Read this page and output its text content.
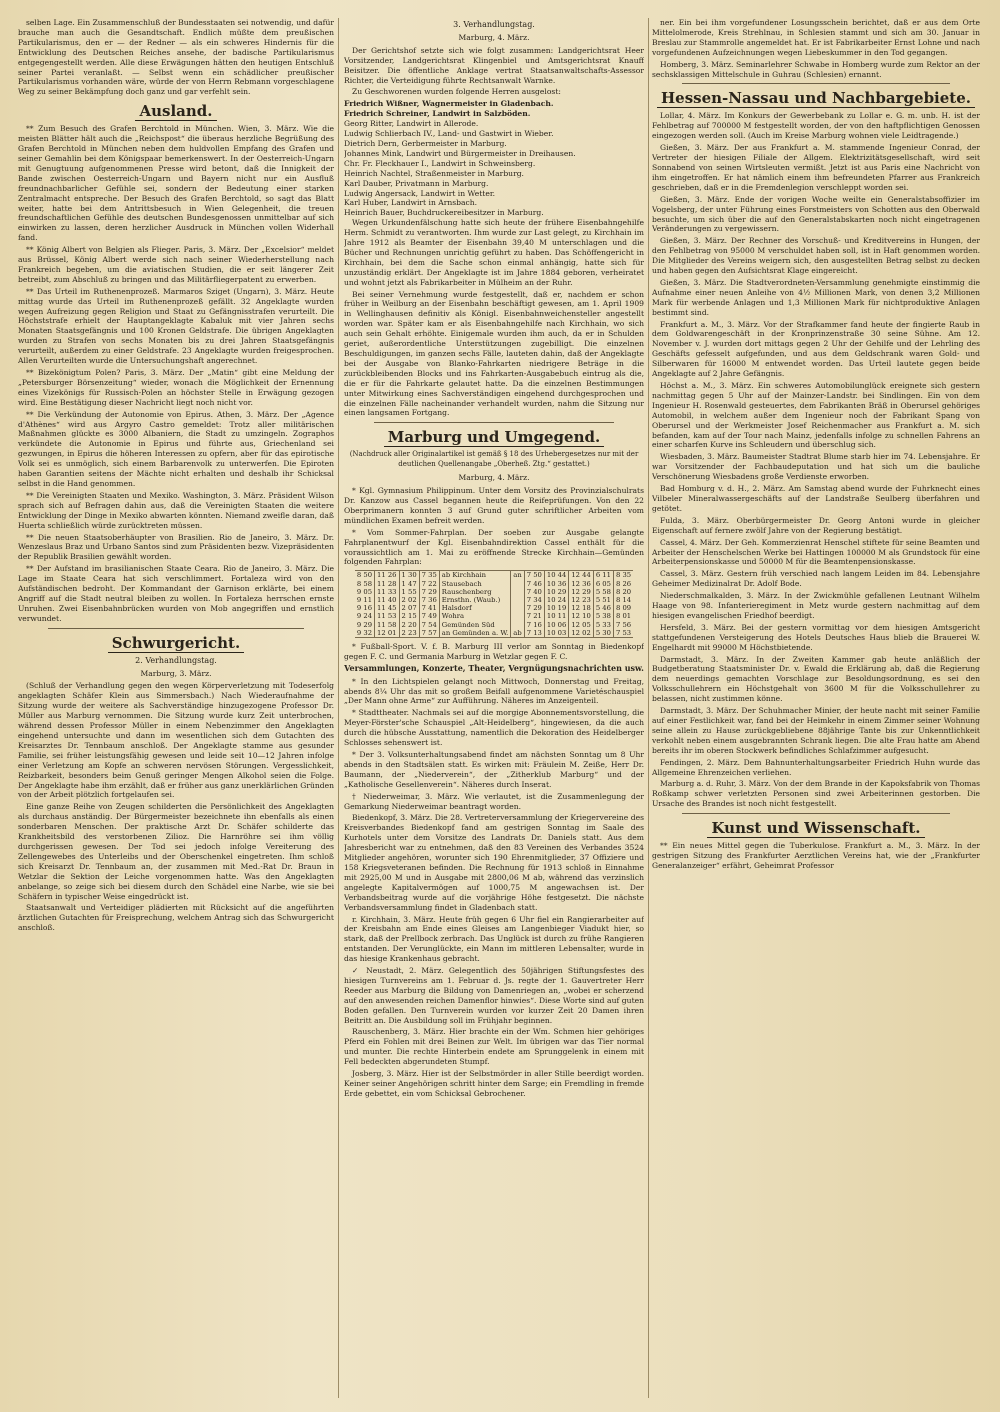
selben Lage. Ein Zusammenschluß der Bundesstaaten sei notwendig, und dafür brauche man auch die Gesandtschaft. Endlich müßte dem preußischen Partikularismus, den er — der Redner — als ein schweres Hindernis für die Entwicklung des Deutschen Reiches ansehe, der badische Partikularismus entgegengestellt werden. Alle diese Erwägungen hätten den heutigen Entschluß seiner Partei veranlaßt. — Selbst wenn ein schädlicher preußischer Partikularismus vorhanden wäre, würde der von Herrn Rebmann vorgeschlagene Weg zu seiner Bekämpfung doch ganz und gar verfehlt sein.

Ausland.

** Zum Besuch des Grafen Berchtold in München. Wien, 3. März. Wie die meisten Blätter hält auch die „Reichspost“ die überaus herzliche Begrüßung des Grafen Berchtold in München neben dem huldvollen Empfang des Grafen und seiner Gemahlin bei dem Königspaar bemerkenswert. In der Oesterreich-Ungarn mit Genugtuung aufgenommenen Presse wird betont, daß die Innigkeit der Bande zwischen Oesterreich-Ungarn und Bayern nicht nur ein Ausfluß freundnachbarlicher Gefühle sei, sondern der Bedeutung einer starken Zentralmacht entspreche. Der Besuch des Grafen Berchtold, so sagt das Blatt weiter, hatte bei dem Antrittsbesuch in Wien Gelegenheit, die treuen freundschaftlichen Gefühle des deutschen Bundesgenossen unmittelbar auf sich einwirken zu lassen, deren herzlicher Ausdruck in München vollen Widerhall fand.

** König Albert von Belgien als Flieger. Paris, 3. März. Der „Excelsior“ meldet aus Brüssel, König Albert werde sich nach seiner Wiederherstellung nach Frankreich begeben, um die aviatischen Studien, die er seit längerer Zeit betreibt, zum Abschluß zu bringen und das Militärfliegerpatent zu erwerben.

** Das Urteil im Ruthenenprozeß. Marmaros Sziget (Ungarn), 3. März. Heute mittag wurde das Urteil im Ruthenenprozeß gefällt. 32 Angeklagte wurden wegen Aufreizung gegen Religion und Staat zu Gefängnisstrafen verurteilt. Die Höchststrafe erhielt der Hauptangeklagte Kabaluk mit vier Jahren sechs Monaten Staatsgefängnis und 100 Kronen Geldstrafe. Die übrigen Angeklagten wurden zu Strafen von sechs Monaten bis zu drei Jahren Staatsgefängnis verurteilt, außerdem zu einer Geldstrafe. 23 Angeklagte wurden freigesprochen. Allen Verurteilten wurde die Untersuchungshaft angerechnet.

** Bizekönigtum Polen? Paris, 3. März. Der „Matin“ gibt eine Meldung der „Petersburger Börsenzeitung“ wieder, wonach die Möglichkeit der Ernennung eines Vizekönigs für Russisch-Polen an höchster Stelle in Erwägung gezogen wird. Eine Bestätigung dieser Nachricht liegt noch nicht vor.

** Die Verkündung der Autonomie von Epirus. Athen, 3. März. Der „Agence d'Athènes“ wird aus Argyro Castro gemeldet: Trotz aller militärischen Maßnahmen glückte es 3000 Albaniern, die Stadt zu umzingeln. Zographos verkündete die Autonomie in Epirus und führte aus, Griechenland sei gezwungen, in Epirus die höheren Interessen zu opfern, aber für das epirotische Volk sei es unmöglich, sich einem Barbarenvolk zu unterwerfen. Die Epiroten haben Garantien seitens der Mächte nicht erhalten und deshalb ihr Schicksal selbst in die Hand genommen.

** Die Vereinigten Staaten und Mexiko. Washington, 3. März. Präsident Wilson sprach sich auf Befragen dahin aus, daß die Vereinigten Staaten die weitere Entwicklung der Dinge in Mexiko abwarten könnten. Niemand zweifle daran, daß Huerta schließlich würde zurücktreten müssen.

** Die neuen Staatsoberhäupter von Brasilien. Rio de Janeiro, 3. März. Dr. Wenzeslaus Braz und Urbano Santos sind zum Präsidenten bezw. Vizepräsidenten der Republik Brasilien gewählt worden.

** Der Aufstand im brasilianischen Staate Ceara. Rio de Janeiro, 3. März. Die Lage im Staate Ceara hat sich verschlimmert. Fortaleza wird von den Aufständischen bedroht. Der Kommandant der Garnison erklärte, bei einem Angriff auf die Stadt neutral bleiben zu wollen. In Fortaleza herrschen ernste Unruhen. Zwei Eisenbahnbrücken wurden von Mob angegriffen und ernstlich verwundet.

Schwurgericht.
2. Verhandlungstag.
Marburg, 3. März.

(Schluß der Verhandlung gegen den wegen Körperverletzung mit Todeserfolg angeklagten Schäfer Klein aus Simmersbach.) Nach Wiederaufnahme der Sitzung wurde der weitere als Sachverständige hinzugezogene Professor Dr. Müller aus Marburg vernommen. Die Sitzung wurde kurz Zeit unterbrochen, während dessen Professor Müller in einem Nebenzimmer den Angeklagten eingehend untersuchte und dann im wesentlichen sich dem Gutachten des Kreisarztes Dr. Tennbaum anschloß. Der Angeklagte stamme aus gesunder Familie, sei früher leistungsfähig gewesen und leide seit 10—12 Jahren infolge einer Verletzung am Kopfe an schweren nervösen Störungen. Vergesslichkeit, Reizbarkeit, besonders beim Genuß geringer Mengen Alkohol seien die Folge. Der Angeklagte habe ihm erzählt, daß er früher aus ganz unerklärlichen Gründen von der Arbeit plötzlich fortgelaufen sei.

Eine ganze Reihe von Zeugen schilderten die Persönlichkeit des Angeklagten als durchaus anständig. Der Bürgermeister bezeichnete ihn ebenfalls als einen sonderbaren Menschen. Der praktische Arzt Dr. Schäfer schilderte das Krankheitsbild des verstorbenen Zilioz. Die Harnröhre sei ihm völlig durchgerissen gewesen. Der Tod sei jedoch infolge Vereiterung des Zellengewebes des Unterleibs und der Oberschenkel eingetreten. Ihm schloß sich Kreisarzt Dr. Tennbaum an, der zusammen mit Med.-Rat Dr. Braun in Wetzlar die Sektion der Leiche vorgenommen hatte. Was den Angeklagten anbelange, so zeige sich bei diesem durch den Schädel eine Narbe, wie sie bei Schäfern in typischer Weise eingedrückt ist.

Staatsanwalt und Verteidiger plädierten mit Rücksicht auf die angeführten ärztlichen Gutachten für Freisprechung, welchem Antrag sich das Schwurgericht anschloß.

3. Verhandlungstag.
Marburg, 4. März.

Der Gerichtshof setzte sich wie folgt zusammen: Landgerichtsrat Heer Vorsitzender, Landgerichtsrat Klingenbiel und Amtsgerichtsrat Knauff Beisitzer. Die öffentliche Anklage vertrat Staatsanwaltschafts-Assessor Richter, die Verteidigung führte Rechtsanwalt Warnke.

Zu Geschworenen wurden folgende Herren ausgelost:

Friedrich Wißner, Wagnermeister in Gladenbach.
Friedrich Schreiner, Landwirt in Salzböden.
Georg Ritter, Landwirt in Allerode.
Ludwig Schlierbach IV., Land- und Gastwirt in Wieber.
Dietrich Dern, Gerbermeister in Marburg.
Johannes Mink, Landwirt und Bürgermeister in Dreihausen.
Chr. Fr. Fleckhauer I., Landwirt in Schweinsberg.
Heinrich Nachtel, Straßenmeister in Marburg.
Karl Dauber, Privatmann in Marburg.
Ludwig Angersack, Landwirt in Wetter.
Karl Huber, Landwirt in Arnsbach.
Heinrich Bauer, Buchdruckereibesitzer in Marburg.

Wegen Urkundenfälschung hatte sich heute der frühere Eisenbahngehilfe Herm. Schmidt zu verantworten. Ihm wurde zur Last gelegt, zu Kirchhain im Jahre 1912 als Beamter der Eisenbahn 39,40 M unterschlagen und die Bücher und Rechnungen unrichtig geführt zu haben. Das Schöffengericht in Kirchhain, bei dem die Sache schon einmal anhängig, hatte sich für unzuständig erklärt. Der Angeklagte ist im Jahre 1884 geboren, verheiratet und wohnt jetzt als Fabrikarbeiter in Mülheim an der Ruhr.

Bei seiner Vernehmung wurde festgestellt, daß er, nachdem er schon früher in Weilburg an der Eisenbahn beschäftigt gewesen, am 1. April 1909 in Wellinghausen definitiv als Königl. Eisenbahnweichensteller angestellt worden war. Später kam er als Eisenbahngehilfe nach Kirchhain, wo sich auch sein Gehalt erhöhte. Einigemale wurden ihm auch, da er in Schulden geriet, außerordentliche Unterstützungen zugebilligt. Die einzelnen Beschuldigungen, im ganzen sechs Fälle, lauteten dahin, daß der Angeklagte bei der Ausgabe von Blanko-Fahrkarten niedrigere Beträge in die zurückbleibenden Blocks und ins Fahrkarten-Ausgabebuch eintrug als die, die er für die Fahrkarte gelautet hatte. Da die einzelnen Bestimmungen unter Mitwirkung eines Sachverständigen eingehend durchgesprochen und die einzelnen Fälle nacheinander verhandelt wurden, nahm die Sitzung nur einen langsamen Fortgang.

Marburg und Umgegend.
(Nachdruck aller Originalartikel ist gemäß § 18 des Urhebergesetzes nur mit der deutlichen Quellenangabe „Oberheß. Ztg.“ gestattet.)
Marburg, 4. März.

* Kgl. Gymnasium Philippinum. Unter dem Vorsitz des Provinzialschulrats Dr. Kanzow aus Cassel begannen heute die Reifeprüfungen. Von den 22 Oberprimanern konnten 3 auf Grund guter schriftlicher Arbeiten vom mündlichen Examen befreit werden.

* Vom Sommer-Fahrplan. Der soeben zur Ausgabe gelangte Fahrplanentwurf der Kgl. Eisenbahndirektion Cassel enthält für die voraussichtlich am 1. Mai zu eröffnende Strecke Kirchhain—Gemünden folgenden Fahrplan:

8 50	11 26	1 30	7 35	ab Kirchhain	an	7 50	10 44	12 44	6 11	8 35
8 58	11 28	1 47	7 22	Stausebach		7 46	10 36	12 36	6 05	8 26
9 05	11 33	1 55	7 29	Rauschenberg		7 40	10 29	12 29	5 58	8 20
9 11	11 40	2 02	7 36	Ernsthn. (Waub.)		7 34	10 24	12 23	5 51	8 14
9 16	11 45	2 07	7 41	Halsdorf		7 29	10 19	12 18	5 46	8 09
9 24	11 53	2 15	7 49	Wohra		7 21	10 11	12 10	5 38	8 01
9 29	11 58	2 20	7 54	Gemünden Süd		7 16	10 06	12 05	5 33	7 56
9 32	12 01	2 23	7 57	an Gemünden a. W.	ab	7 13	10 03	12 02	5 30	7 53

* Fußball-Sport. V. f. B. Marburg III verlor am Sonntag in Biedenkopf gegen F. C. und Germania Marburg in Wetzlar gegen F. C.

Versammlungen, Konzerte, Theater, Vergnügungsnachrichten usw.

* In den Lichtspielen gelangt noch Mittwoch, Donnerstag und Freitag, abends 8¼ Uhr das mit so großem Beifall aufgenommene Varietéschauspiel „Der Mann ohne Arme“ zur Aufführung. Näheres im Anzeigenteil.

* Stadttheater. Nachmals sei auf die morgige Abonnementsvorstellung, die Meyer-Förster'sche Schauspiel „Alt-Heidelberg“, hingewiesen, da die auch durch die hübsche Ausstattung, namentlich die Dekoration des Heidelberger Schlosses sehenswert ist.

* Der 3. Volksunterhaltungsabend findet am nächsten Sonntag um 8 Uhr abends in den Stadtsälen statt. Es wirken mit: Fräulein M. Zeiße, Herr Dr. Baumann, der „Niederverein“, der „Zitherklub Marburg“ und der „Katholische Gesellenverein“. Näheres durch Inserat.

† Niederweimar, 3. März. Wie verlautet, ist die Zusammenlegung der Gemarkung Niederweimar beantragt worden.

Biedenkopf, 3. März. Die 28. Vertreterversammlung der Kriegervereine des Kreisverbandes Biedenkopf fand am gestrigen Sonntag im Saale des Kurhotels unter dem Vorsitze des Landrats Dr. Daniels statt. Aus dem Jahresbericht war zu entnehmen, daß den 83 Vereinen des Verbandes 3524 Mitglieder angehören, worunter sich 190 Ehrenmitglieder, 37 Offiziere und 158 Kriegsveteranen befinden. Die Rechnung für 1913 schloß in Einnahme mit 2925,00 M und in Ausgabe mit 2800,06 M ab, während das verzinslich angelegte Kapitalvermögen auf 1000,75 M angewachsen ist. Der Verbandsbeitrag wurde auf die vorjährige Höhe festgesetzt. Die nächste Verbandsversammlung findet in Gladenbach statt.

r. Kirchhain, 3. März. Heute früh gegen 6 Uhr fiel ein Rangierarbeiter auf der Kreisbahn am Ende eines Gleises am Langenbieger Viadukt hier, so stark, daß der Prellbock zerbrach. Das Unglück ist durch zu frühe Rangieren entstanden. Der Verunglückte, ein Mann im mittleren Lebensalter, wurde in das hiesige Krankenhaus gebracht.

✓ Neustadt, 2. März. Gelegentlich des 50jährigen Stiftungsfestes des hiesigen Turnvereins am 1. Februar d. Js. regte der 1. Gauvertreter Herr Reeder aus Marburg die Bildung von Damenriegen an, „wobei er scherzend auf den anwesenden reichen Damenflor hinwies“. Diese Worte sind auf guten Boden gefallen. Den Turnverein wurden vor kurzer Zeit 20 Damen ihren Beitritt an. Die Ausbildung soll im Frühjahr beginnen.

Rauschenberg, 3. März. Hier brachte ein der Wm. Schmen hier gehöriges Pferd ein Fohlen mit drei Beinen zur Welt. Im übrigen war das Tier normal und munter. Die rechte Hinterbein endete am Sprunggelenk in einem mit Fell bedeckten abgerundeten Stumpf.

Josberg, 3. März. Hier ist der Selbstmörder in aller Stille beerdigt worden. Keiner seiner Angehörigen schritt hinter dem Sarge; ein Fremdling in fremde Erde gebettet, ein vom Schicksal Gebrochener.

ner. Ein bei ihm vorgefundener Losungsschein berichtet, daß er aus dem Orte Mittelolmerode, Kreis Strehlnau, in Schlesien stammt und sich am 30. Januar in Breslau zur Stammrolle angemeldet hat. Er ist Fabrikarbeiter Ernst Lohne und nach vorgefundenen Aufzeichnungen wegen Liebeskummer in den Tod gegangen.

Homberg, 3. März. Seminarlehrer Schwabe in Homberg wurde zum Rektor an der sechsklassigen Mittelschule in Guhrau (Schlesien) ernannt.

Hessen-Nassau und Nachbargebiete.

Lollar, 4. März. Im Konkurs der Gewerbebank zu Lollar e. G. m. unb. H. ist der Fehlbetrag auf 700000 M festgestellt worden, der von den haftpflichtigen Genossen eingezogen werden soll. (Auch im Kreise Marburg wohnen viele Leidtragende.)

Gießen, 3. März. Der aus Frankfurt a. M. stammende Ingenieur Conrad, der Vertreter der hiesigen Filiale der Allgem. Elektrizitätsgesellschaft, wird seit Sonnabend von seinen Wirtsleuten vermißt. Jetzt ist aus Paris eine Nachricht von ihm eingetroffen. Er hat nämlich einem ihm befreundeten Pfarrer aus Frankreich geschrieben, daß er in die Fremdenlegion verschleppt worden sei.

Gießen, 3. März. Ende der vorigen Woche weilte ein Generalstabsoffizier im Vogelsberg, der unter Führung eines Forstmeisters von Schotten aus den Oberwald besuchte, um sich über die auf den Generalstabskarten noch nicht eingetragenen Veränderungen zu vergewissern.

Gießen, 3. März. Der Rechner des Vorschuß- und Kreditvereins in Hungen, der den Fehlbetrag von 95000 M verschuldet haben soll, ist in Haft genommen worden. Die Mitglieder des Vereins weigern sich, den ausgestellten Betrag selbst zu decken und haben gegen den Aufsichtsrat Klage eingereicht.

Gießen, 3. März. Die Stadtverordneten-Versammlung genehmigte einstimmig die Aufnahme einer neuen Anleihe von 4½ Millionen Mark, von denen 3,2 Millionen Mark für werbende Anlagen und 1,3 Millionen Mark für nichtproduktive Anlagen bestimmt sind.

Frankfurt a. M., 3. März. Vor der Strafkammer fand heute der fingierte Raub in dem Goldwarengeschäft in der Kronprinzenstraße 30 seine Sühne. Am 12. November v. J. wurden dort mittags gegen 2 Uhr der Gehilfe und der Lehrling des Geschäfts gefesselt aufgefunden, und aus dem Geldschrank waren Gold- und Silberwaren für 16000 M entwendet worden. Das Urteil lautete gegen beide Angeklagte auf 2 Jahre Gefängnis.

Höchst a. M., 3. März. Ein schweres Automobilunglück ereignete sich gestern nachmittag gegen 5 Uhr auf der Mainzer-Landstr. bei Sindlingen. Ein von dem Ingenieur H. Rosenwald gesteuertes, dem Fabrikanten Bräß in Oberursel gehöriges Automobil, in welchem außer dem Ingenieur noch der Fabrikant Spang von Oberursel und der Werkmeister Josef Reichenmacher aus Frankfurt a. M. sich befanden, kam auf der Tour nach Mainz, jedenfalls infolge zu schnellen Fahrens an einer scharfen Kurve ins Schleudern und überschlug sich.

Wiesbaden, 3. März. Baumeister Stadtrat Blume starb hier im 74. Lebensjahre. Er war Vorsitzender der Fachbaudeputation und hat sich um die bauliche Verschönerung Wiesbadens große Verdienste erworben.

Bad Homburg v. d. H., 2. März. Am Samstag abend wurde der Fuhrknecht eines Vilbeler Mineralwassergeschäfts auf der Landstraße Seulberg überfahren und getötet.

Fulda, 3. März. Oberbürgermeister Dr. Georg Antoni wurde in gleicher Eigenschaft auf fernere zwölf Jahre von der Regierung bestätigt.

Cassel, 4. März. Der Geh. Kommerzienrat Henschel stiftete für seine Beamten und Arbeiter der Henschelschen Werke bei Hattingen 100000 M als Grundstock für eine Arbeiterpensionskasse und 50000 M für die Beamtenpensionskasse.

Cassel, 3. März. Gestern früh verschied nach langem Leiden im 84. Lebensjahre Geheimer Medizinalrat Dr. Adolf Bode.

Niederschmalkalden, 3. März. In der Zwickmühle gefallenen Leutnant Wilhelm Haage von 98. Infanterieregiment in Metz wurde gestern nachmittag auf dem hiesigen evangelischen Friedhof beerdigt.

Hersfeld, 3. März. Bei der gestern vormittag vor dem hiesigen Amtsgericht stattgefundenen Versteigerung des Hotels Deutsches Haus blieb die Brauerei W. Engelhardt mit 99000 M Höchstbietende.

Darmstadt, 3. März. In der Zweiten Kammer gab heute anläßlich der Budgetberatung Staatsminister Dr. v. Ewald die Erklärung ab, daß die Regierung dem neuerdings gemachten Vorschlage zur Besoldungsordnung, es sei den Volksschullehrern ein Höchstgehalt von 3600 M für die Volksschullehrer zu belassen, nicht zustimmen könne.

Darmstadt, 3. März. Der Schuhmacher Minier, der heute nacht mit seiner Familie auf einer Festlichkeit war, fand bei der Heimkehr in einem Zimmer seiner Wohnung seine allein zu Hause zurückgebliebene 88jährige Tante bis zur Unkenntlichkeit verkohlt neben einem ausgebrannten Schrank liegen. Die alte Frau hatte am Abend bereits ihr im oberen Stockwerk befindliches Schlafzimmer aufgesucht.

Fendingen, 2. März. Dem Bahnunterhaltungsarbeiter Friedrich Huhn wurde das Allgemeine Ehrenzeichen verliehen.

Marburg a. d. Ruhr, 3. März. Von der dem Brande in der Kapoksfabrik von Thomas Roßkamp schwer verletzten Personen sind zwei Arbeiterinnen gestorben. Die Ursache des Brandes ist noch nicht festgestellt.

Kunst und Wissenschaft.

** Ein neues Mittel gegen die Tuberkulose. Frankfurt a. M., 3. März. In der gestrigen Sitzung des Frankfurter Aerztlichen Vereins hat, wie der „Frankfurter Generalanzeiger“ erfährt, Geheimrat Professor
